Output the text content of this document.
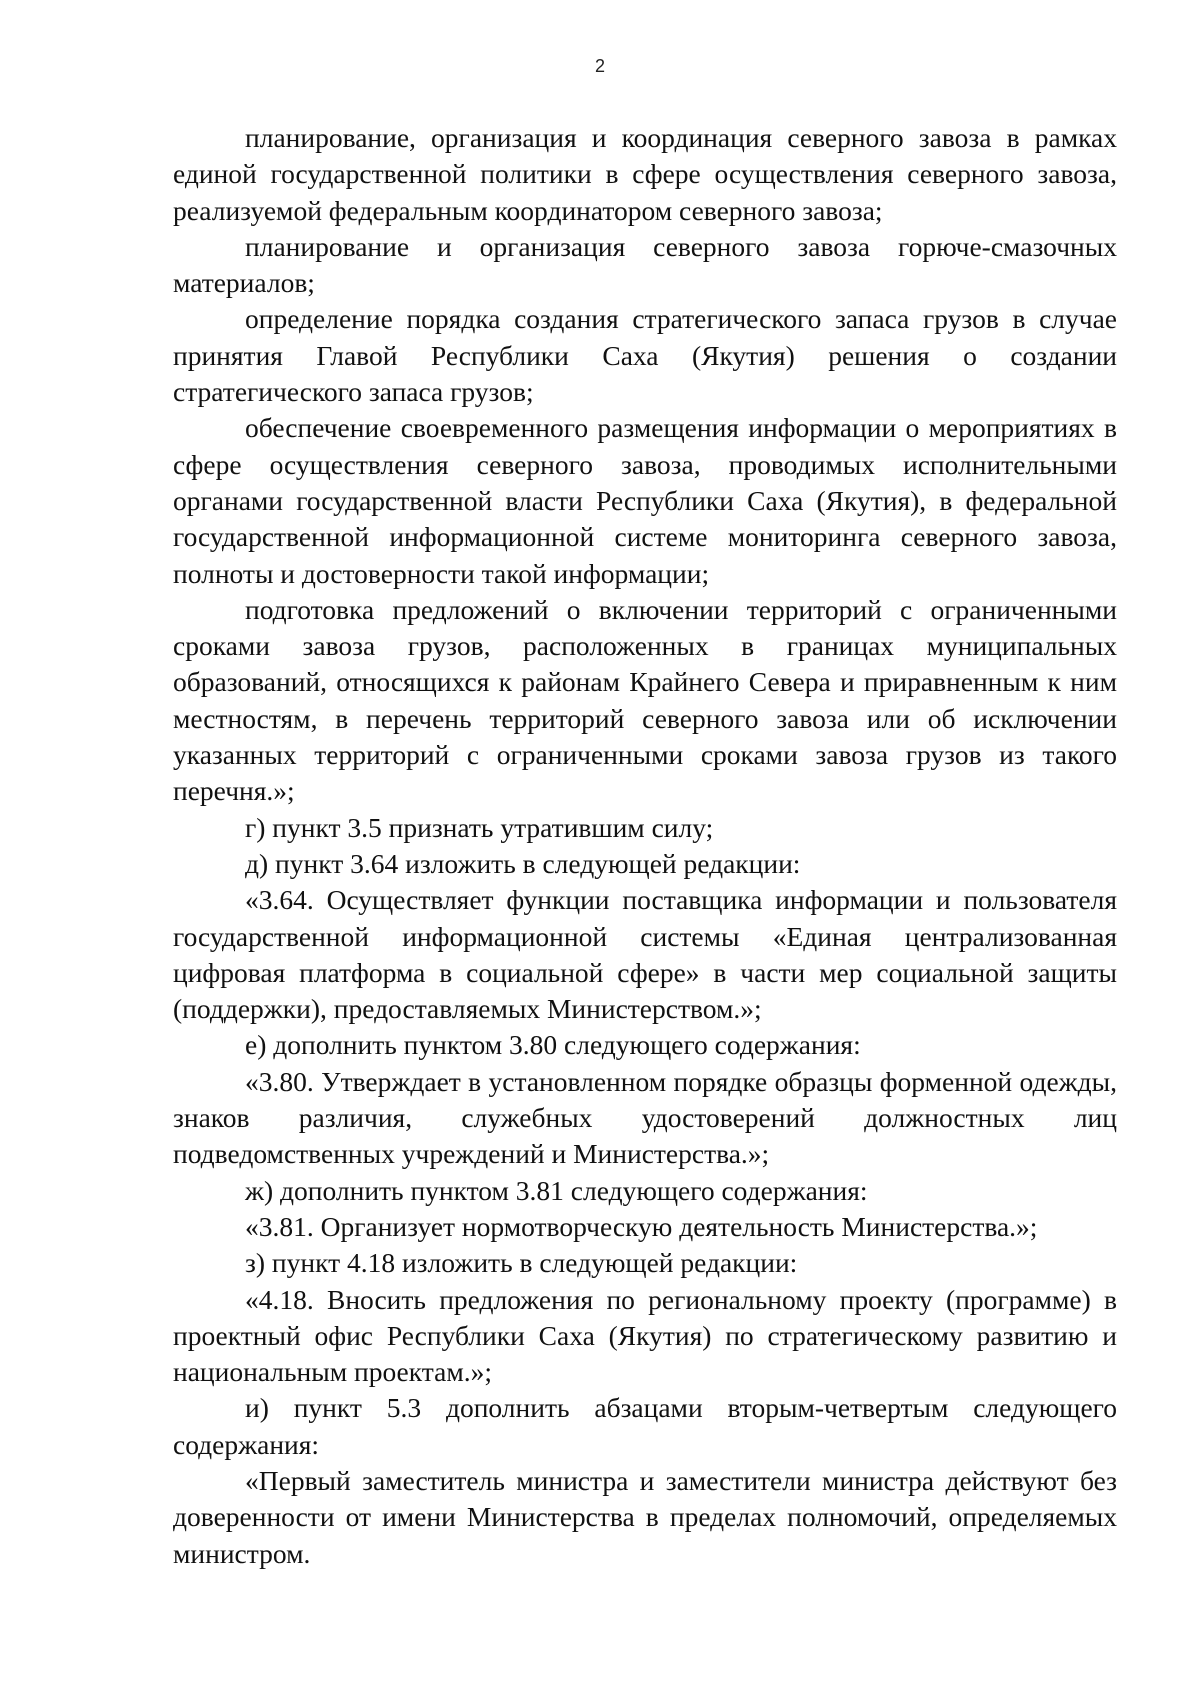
2

планирование, организация и координация северного завоза в рамках единой государственной политики в сфере осуществления северного завоза, реализуемой федеральным координатором северного завоза;

планирование и организация северного завоза горюче-смазочных материалов;

определение порядка создания стратегического запаса грузов в случае принятия Главой Республики Саха (Якутия) решения о создании стратегического запаса грузов;

обеспечение своевременного размещения информации о мероприятиях в сфере осуществления северного завоза, проводимых исполнительными органами государственной власти Республики Саха (Якутия), в федеральной государственной информационной системе мониторинга северного завоза, полноты и достоверности такой информации;

подготовка предложений о включении территорий с ограниченными сроками завоза грузов, расположенных в границах муниципальных образований, относящихся к районам Крайнего Севера и приравненным к ним местностям, в перечень территорий северного завоза или об исключении указанных территорий с ограниченными сроками завоза грузов из такого перечня.»;

г) пункт 3.5 признать утратившим силу;

д) пункт 3.64 изложить в следующей редакции:

«3.64. Осуществляет функции поставщика информации и пользователя государственной информационной системы «Единая централизованная цифровая платформа в социальной сфере» в части мер социальной защиты (поддержки), предоставляемых Министерством.»;

е) дополнить пунктом 3.80 следующего содержания:

«3.80. Утверждает в установленном порядке образцы форменной одежды, знаков различия, служебных удостоверений должностных лиц подведомственных учреждений и Министерства.»;

ж) дополнить пунктом 3.81 следующего содержания:

«3.81. Организует нормотворческую деятельность Министерства.»;

з) пункт 4.18 изложить в следующей редакции:

«4.18. Вносить предложения по региональному проекту (программе) в проектный офис Республики Саха (Якутия) по стратегическому развитию и национальным проектам.»;

и) пункт 5.3 дополнить абзацами вторым-четвертым следующего содержания:

«Первый заместитель министра и заместители министра действуют без доверенности от имени Министерства в пределах полномочий, определяемых министром.
